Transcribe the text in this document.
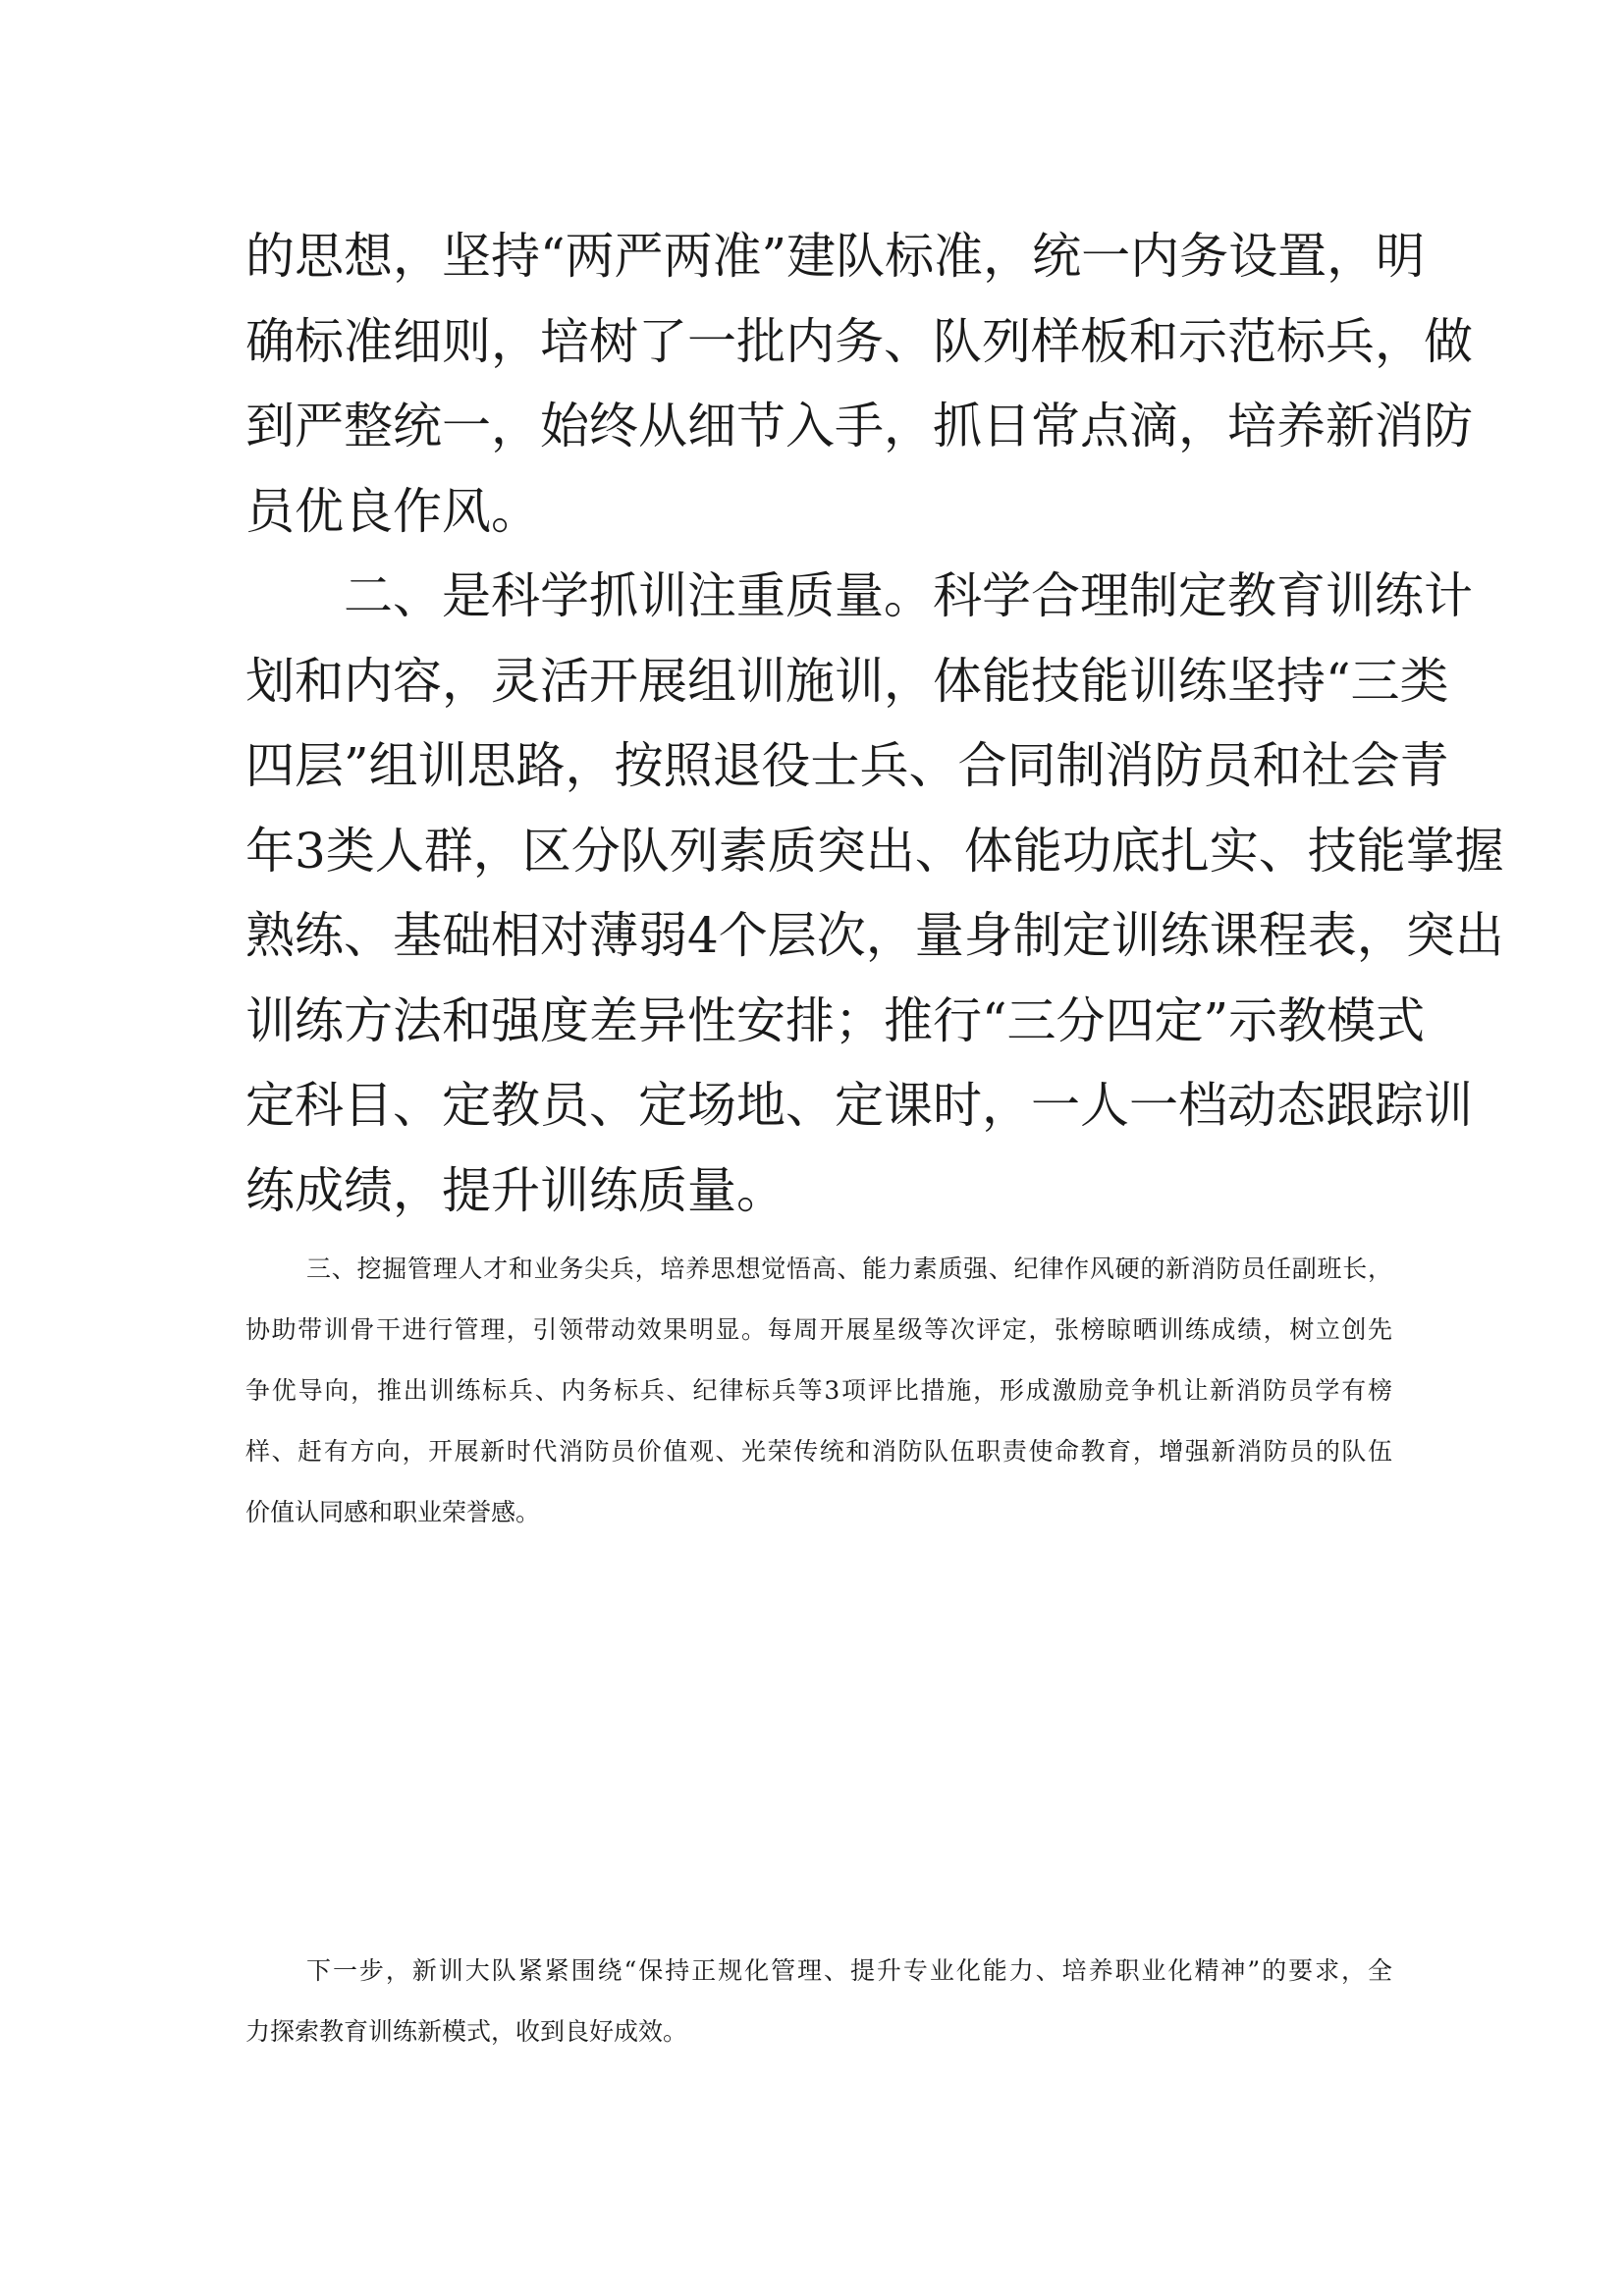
的思想，坚持“两严两准”建队标准，统一内务设置，明
确标准细则，培树了一批内务、队列样板和示范标兵，做
到严整统一，始终从细节入手，抓日常点滴，培养新消防
员优良作风。
二、是科学抓训注重质量。科学合理制定教育训练计
划和内容，灵活开展组训施训，体能技能训练坚持“三类
四层”组训思路，按照退役士兵、合同制消防员和社会青
年3类人群，区分队列素质突出、体能功底扎实、技能掌握
熟练、基础相对薄弱4个层次，量身制定训练课程表，突出
训练方法和强度差异性安排；推行“三分四定”示教模式
定科目、定教员、定场地、定课时，一人一档动态跟踪训
练成绩，提升训练质量。
三、挖掘管理人才和业务尖兵，培养思想觉悟高、能力素质强、纪律作风硬的新消防员任副班长，
协助带训骨干进行管理，引领带动效果明显。每周开展星级等次评定，张榜晾晒训练成绩，树立创先
争优导向，推出训练标兵、内务标兵、纪律标兵等3项评比措施，形成激励竞争机让新消防员学有榜
样、赶有方向，开展新时代消防员价值观、光荣传统和消防队伍职责使命教育，增强新消防员的队伍
价值认同感和职业荣誉感。
下一步，新训大队紧紧围绕“保持正规化管理、提升专业化能力、培养职业化精神”的要求，全
力探索教育训练新模式，收到良好成效。
